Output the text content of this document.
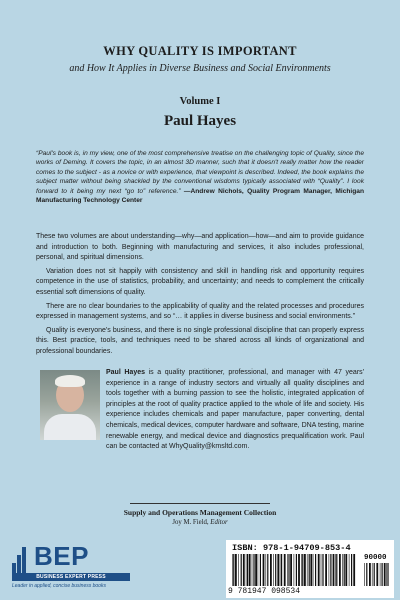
WHY QUALITY IS IMPORTANT
and How It Applies in Diverse Business and Social Environments
Volume I
Paul Hayes
“Paul's book is, in my view, one of the most comprehensive treatise on the challenging topic of Quality, since the works of Deming. It covers the topic, in an almost 3D manner, such that it doesn't really matter how the reader comes to the subject - as a novice or with experience, that viewpoint is described. Indeed, the book explains the subject matter without being shackled by the conventional wisdoms typically associated with “Quality”. I look forward to it being my next “go to” reference.” —Andrew Nichols, Quality Program Manager, Michigan Manufacturing Technology Center

These two volumes are about understanding—why—and application—how—and aim to provide guidance and introduction to both. Beginning with manufacturing and services, it also includes professional, personal, and spiritual dimensions.

Variation does not sit happily with consistency and skill in handling risk and opportunity requires competence in the use of statistics, probability, and uncertainty; and needs to complement the critically essential soft dimensions of quality.

There are no clear boundaries to the applicability of quality and the related processes and procedures expressed in management systems, and so “… it applies in diverse business and social environments.”

Quality is everyone's business, and there is no single professional discipline that can properly express this. Best practice, tools, and techniques need to be shared across all kinds of organizational and professional boundaries.

Paul Hayes is a quality practitioner, professional, and manager with 47 years' experience in a range of industry sectors and virtually all quality disciplines and tools together with a burning passion to see the holistic, integrated application of principles at the root of quality practice applied to the whole of life and society. His experience includes chemicals and paper manufacture, paper converting, dental chemicals, medical devices, computer hardware and software, DNA testing, marine renewable energy, and medical device and diagnostics prequalification work. Paul can be contacted at WhyQuality@kmsltd.com.
Supply and Operations Management Collection
Joy M. Field, Editor
BEP
BUSINESS EXPERT PRESS
Leader in applied, concise business books
ISBN: 978-1-94709-853-4
90000
9 781947 098534
